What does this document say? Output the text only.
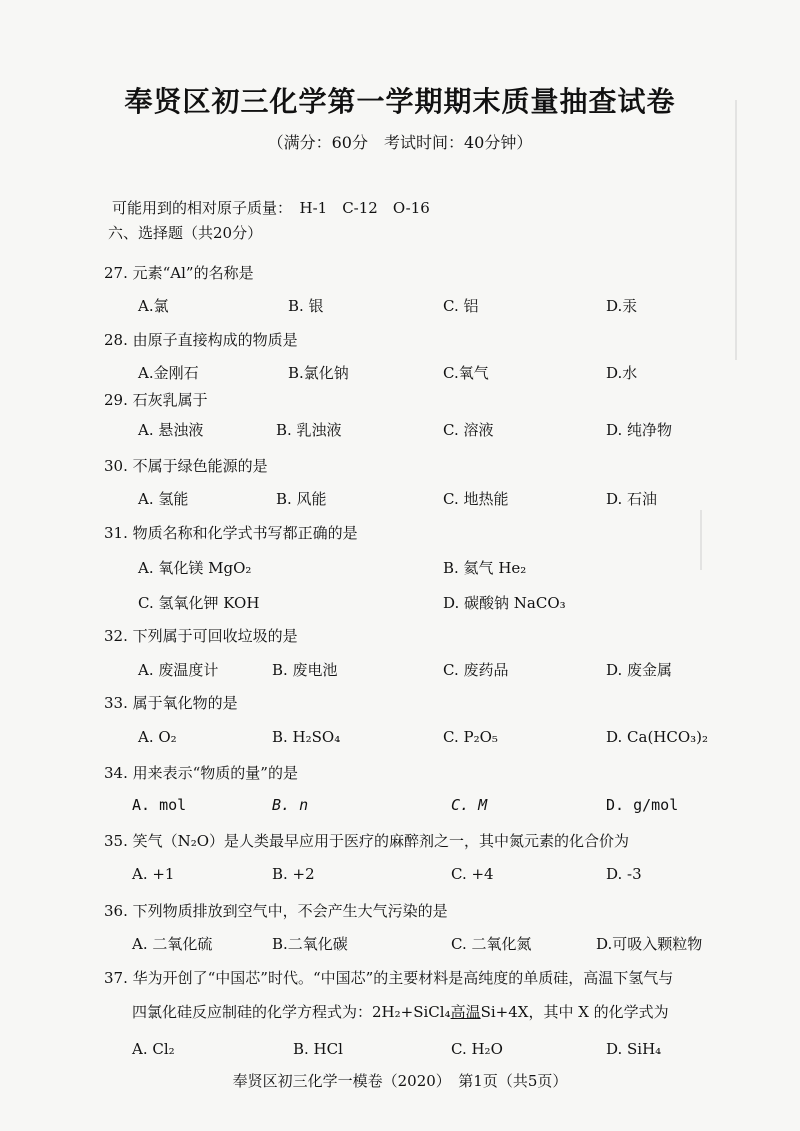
奉贤区初三化学第一学期期末质量抽查试卷
（满分：60分　考试时间：40分钟）
可能用到的相对原子质量：　H-1　C-12　O-16
六、选择题（共20分）
27. 元素“Al”的名称是
A.氯	B. 银	C. 铝	D.汞
28. 由原子直接构成的物质是
A.金刚石	B.氯化钠	C.氧气	D.水
29. 石灰乳属于
A. 悬浊液	B. 乳浊液	C. 溶液	D. 纯净物
30. 不属于绿色能源的是
A. 氢能	B. 风能	C. 地热能	D. 石油
31. 物质名称和化学式书写都正确的是
A. 氧化镁 MgO₂	B. 氦气 He₂
C. 氢氧化钾 KOH	D. 碳酸钠 NaCO₃
32. 下列属于可回收垃圾的是
A. 废温度计	B. 废电池	C. 废药品	D. 废金属
33. 属于氧化物的是
A. O₂	B. H₂SO₄	C. P₂O₅	D. Ca(HCO₃)₂
34. 用来表示“物质的量”的是
A. mol	B. n	C. M	D. g/mol
35. 笑气（N₂O）是人类最早应用于医疗的麻醉剂之一，其中氮元素的化合价为
A. +1	B. +2	C. +4	D. -3
36. 下列物质排放到空气中，不会产生大气污染的是
A. 二氧化硫	B.二氧化碳	C. 二氧化氮	D.可吸入颗粒物
37. 华为开创了“中国芯”时代。“中国芯”的主要材料是高纯度的单质硅，高温下氢气与
四氯化硅反应制硅的化学方程式为：2H₂+SiCl₄高温Si+4X，其中 X 的化学式为
A. Cl₂	B. HCl	C. H₂O	D. SiH₄
奉贤区初三化学一模卷（2020）　第1页（共5页）
